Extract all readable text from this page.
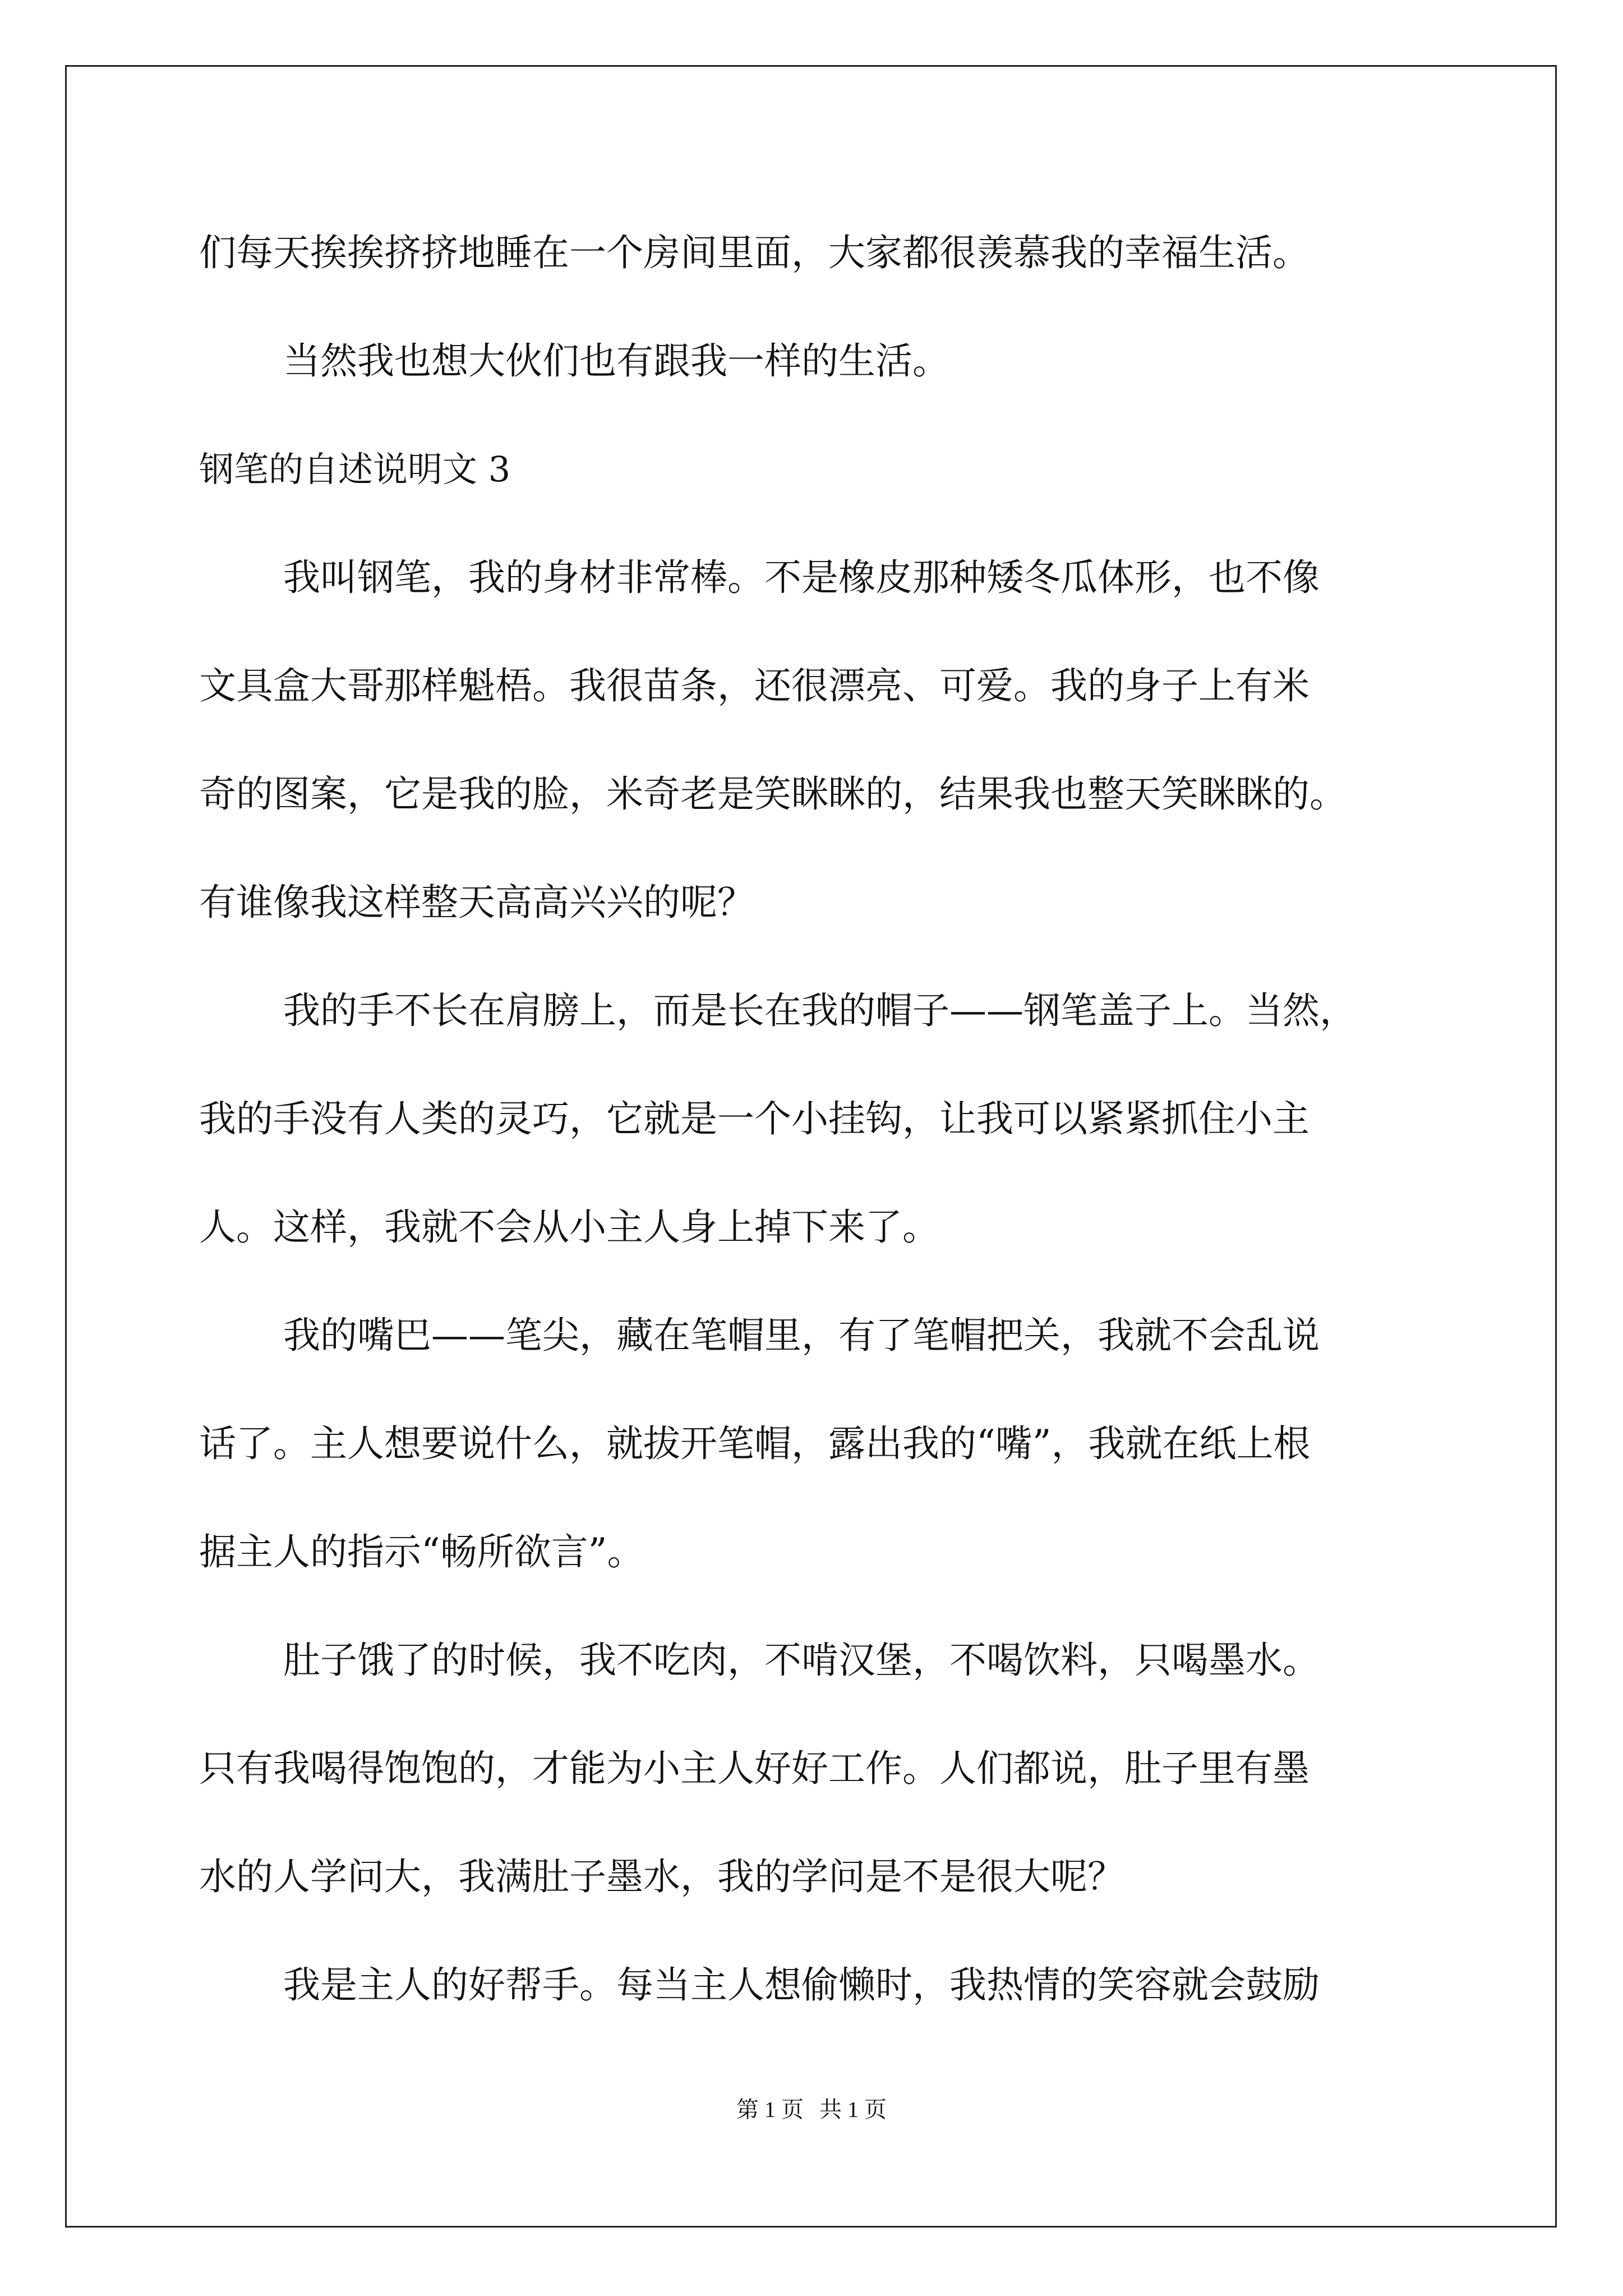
们每天挨挨挤挤地睡在一个房间里面，大家都很羡慕我的幸福生活。
当然我也想大伙们也有跟我一样的生活。
钢笔的自述说明文 3
我叫钢笔，我的身材非常棒。不是橡皮那种矮冬瓜体形，也不像
文具盒大哥那样魁梧。我很苗条，还很漂亮、可爱。我的身子上有米
奇的图案，它是我的脸，米奇老是笑眯眯的，结果我也整天笑眯眯的。
有谁像我这样整天高高兴兴的呢？
我的手不长在肩膀上，而是长在我的帽子——钢笔盖子上。当然，
我的手没有人类的灵巧，它就是一个小挂钩，让我可以紧紧抓住小主
人。这样，我就不会从小主人身上掉下来了。
我的嘴巴——笔尖，藏在笔帽里，有了笔帽把关，我就不会乱说
话了。主人想要说什么，就拔开笔帽，露出我的“嘴”，我就在纸上根
据主人的指示“畅所欲言”。
肚子饿了的时候，我不吃肉，不啃汉堡，不喝饮料，只喝墨水。
只有我喝得饱饱的，才能为小主人好好工作。人们都说，肚子里有墨
水的人学问大，我满肚子墨水，我的学问是不是很大呢？
我是主人的好帮手。每当主人想偷懒时，我热情的笑容就会鼓励
第 1 页 共 1 页
